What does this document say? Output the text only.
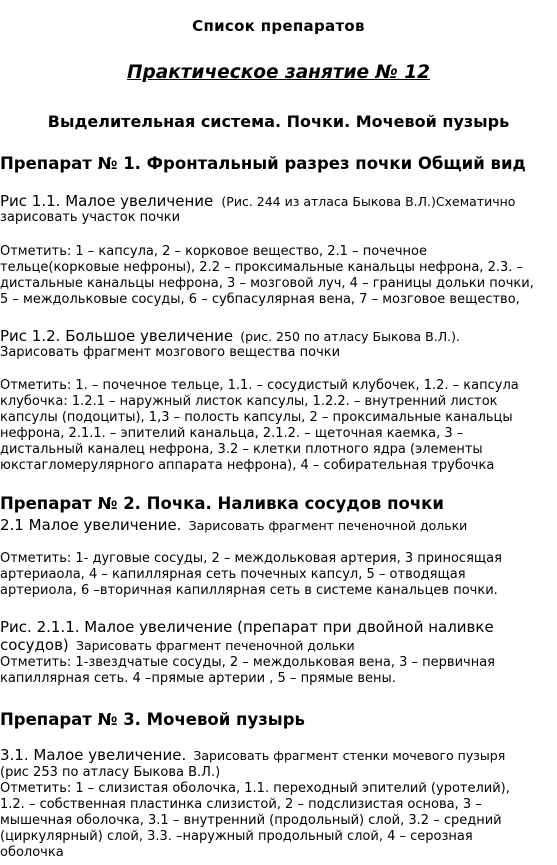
Список препаратов
Практическое занятие № 12
Выделительная система. Почки. Мочевой пузырь
Препарат № 1. Фронтальный разрез почки Общий вид
Рис 1.1. Малое увеличение (Рис. 244 из атласа Быкова В.Л.)Схематично
зарисовать участок почки
Отметить: 1 – капсула, 2 – корковое вещество, 2.1 – почечное
тельце(корковые нефроны), 2.2 – проксимальные канальцы нефрона, 2.3. –
дистальные канальцы нефрона, 3 – мозговой луч, 4 – границы дольки почки,
5 – междольковые сосуды, 6 – субпасулярная вена, 7 – мозговое вещество,
Рис 1.2. Большое увеличение (рис. 250 по атласу Быкова В.Л.).
Зарисовать фрагмент мозгового вещества почки
Отметить: 1. – почечное тельце, 1.1. – сосудистый клубочек, 1.2. – капсула
клубочка: 1.2.1 – наружный листок капсулы, 1.2.2. – внутренний листок
капсулы (подоциты), 1,3 – полость капсулы, 2 – проксимальные канальцы
нефрона, 2.1.1. – эпителий канальца, 2.1.2. – щеточная каемка, 3 –
дистальный каналец нефрона, 3.2 – клетки плотного ядра (элементы
юкстагломерулярного аппарата нефрона), 4 – собирательная трубочка
Препарат № 2. Почка. Наливка сосудов почки
2.1 Малое увеличение. Зарисовать фрагмент печеночной дольки
Отметить: 1- дуговые сосуды, 2 – междольковая артерия, 3 приносящая
артериаола, 4 – капиллярная сеть почечных капсул, 5 – отводящая
артериола, 6 –вторичная капиллярная сеть в системе канальцев почки.
Рис. 2.1.1. Малое увеличение (препарат при двойной наливке
сосудов) Зарисовать фрагмент печеночной дольки
Отметить: 1-звездчатые сосуды, 2 – междольковая вена, 3 – первичная
капиллярная сеть. 4 –прямые артерии , 5 – прямые вены.
Препарат № 3. Мочевой пузырь
3.1. Малое увеличение. Зарисовать фрагмент стенки мочевого пузыря
(рис 253 по атласу Быкова В.Л.)
Отметить: 1 – слизистая оболочка, 1.1. переходный эпителий (уротелий),
1.2. – собственная пластинка слизистой, 2 – подслизистая основа, 3 –
мышечная оболочка, 3.1 – внутренний (продольный) слой, 3.2 – средний
(циркулярный) слой, 3.3. –наружный продольный слой, 4 – серозная
оболочка
